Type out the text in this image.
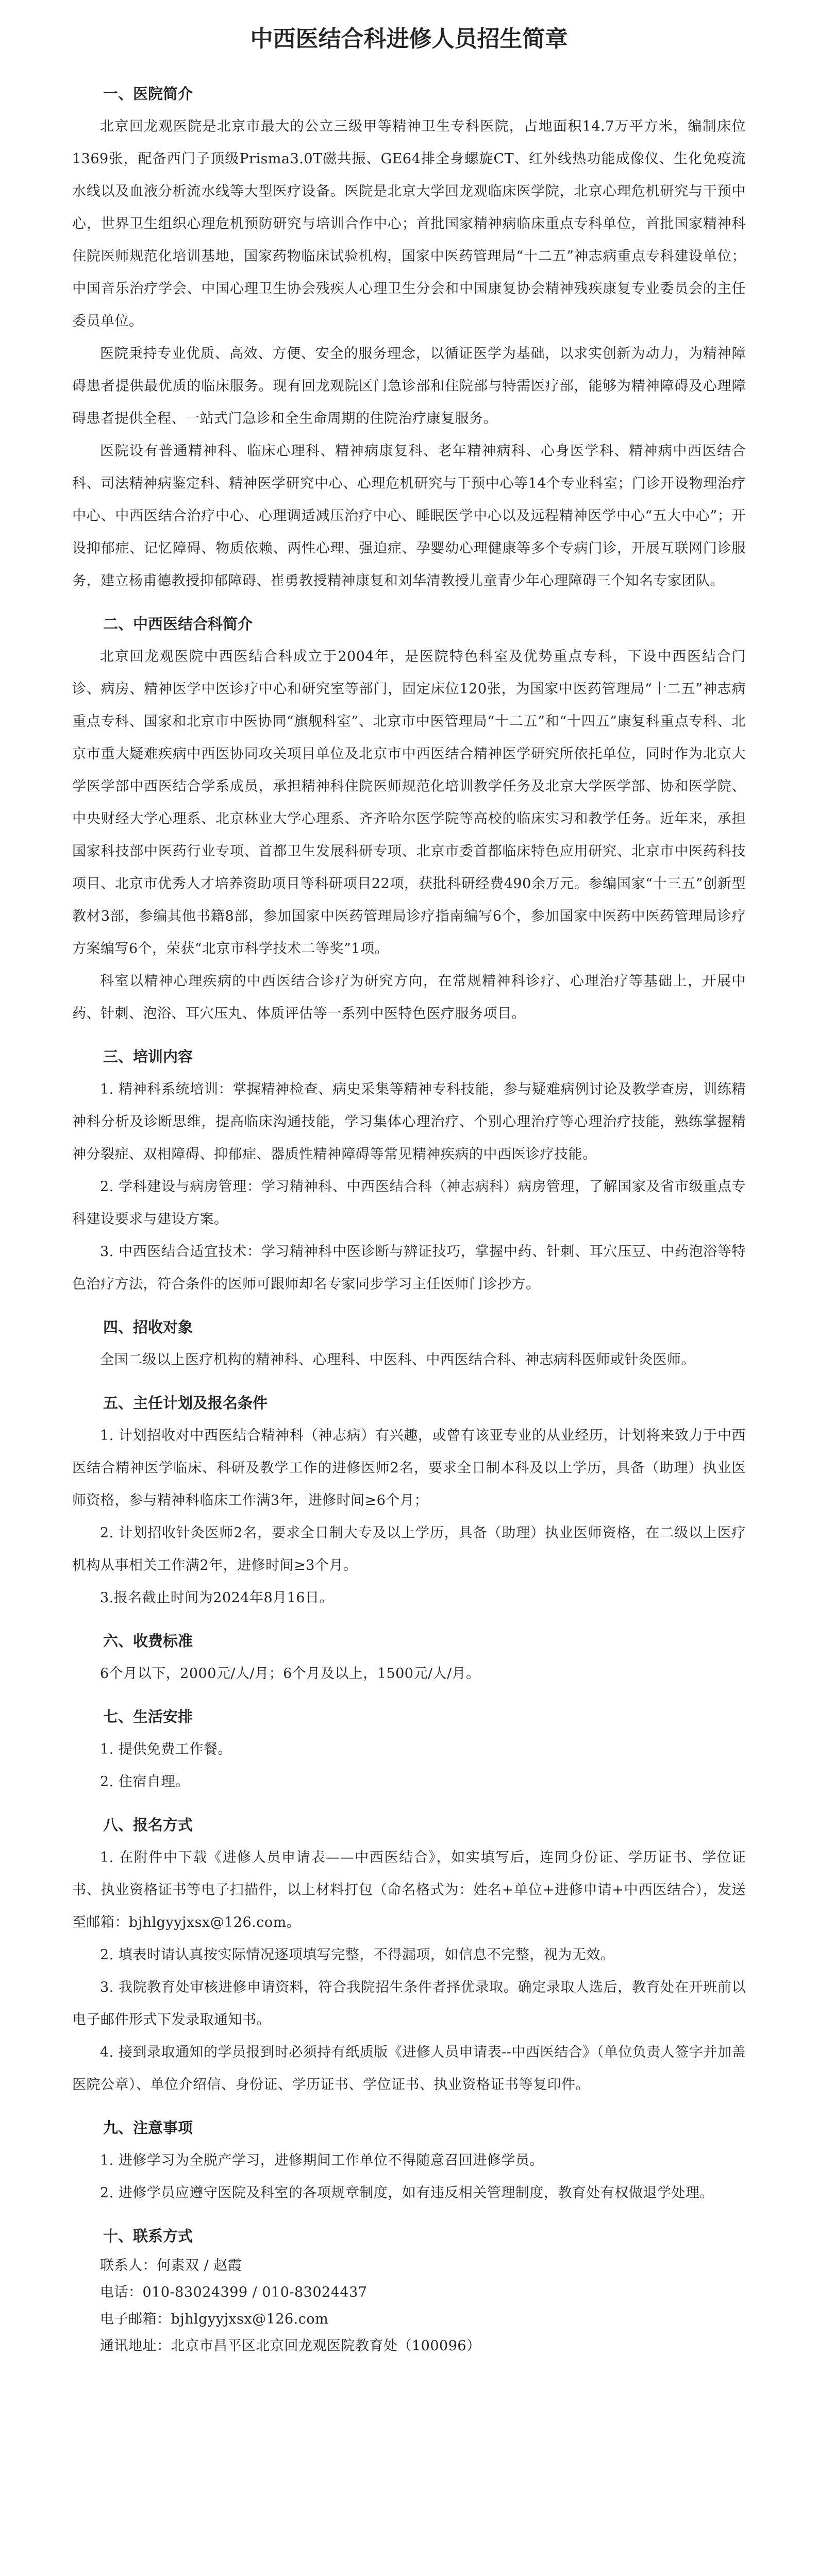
中西医结合科进修人员招生简章
一、医院简介

北京回龙观医院是北京市最大的公立三级甲等精神卫生专科医院，占地面积14.7万平方米，编制床位1369张，配备西门子顶级Prisma3.0T磁共振、GE64排全身螺旋CT、红外线热功能成像仪、生化免疫流水线以及血液分析流水线等大型医疗设备。医院是北京大学回龙观临床医学院，北京心理危机研究与干预中心，世界卫生组织心理危机预防研究与培训合作中心；首批国家精神病临床重点专科单位，首批国家精神科住院医师规范化培训基地，国家药物临床试验机构，国家中医药管理局“十二五”神志病重点专科建设单位；中国音乐治疗学会、中国心理卫生协会残疾人心理卫生分会和中国康复协会精神残疾康复专业委员会的主任委员单位。

医院秉持专业优质、高效、方便、安全的服务理念，以循证医学为基础，以求实创新为动力，为精神障碍患者提供最优质的临床服务。现有回龙观院区门急诊部和住院部与特需医疗部，能够为精神障碍及心理障碍患者提供全程、一站式门急诊和全生命周期的住院治疗康复服务。

医院设有普通精神科、临床心理科、精神病康复科、老年精神病科、心身医学科、精神病中西医结合科、司法精神病鉴定科、精神医学研究中心、心理危机研究与干预中心等14个专业科室；门诊开设物理治疗中心、中西医结合治疗中心、心理调适减压治疗中心、睡眠医学中心以及远程精神医学中心“五大中心”；开设抑郁症、记忆障碍、物质依赖、两性心理、强迫症、孕婴幼心理健康等多个专病门诊，开展互联网门诊服务，建立杨甫德教授抑郁障碍、崔勇教授精神康复和刘华清教授儿童青少年心理障碍三个知名专家团队。

二、中西医结合科简介

北京回龙观医院中西医结合科成立于2004年，是医院特色科室及优势重点专科，下设中西医结合门诊、病房、精神医学中医诊疗中心和研究室等部门，固定床位120张，为国家中医药管理局“十二五”神志病重点专科、国家和北京市中医协同“旗舰科室”、北京市中医管理局“十二五”和“十四五”康复科重点专科、北京市重大疑难疾病中西医协同攻关项目单位及北京市中西医结合精神医学研究所依托单位，同时作为北京大学医学部中西医结合学系成员，承担精神科住院医师规范化培训教学任务及北京大学医学部、协和医学院、中央财经大学心理系、北京林业大学心理系、齐齐哈尔医学院等高校的临床实习和教学任务。近年来，承担国家科技部中医药行业专项、首都卫生发展科研专项、北京市委首都临床特色应用研究、北京市中医药科技项目、北京市优秀人才培养资助项目等科研项目22项，获批科研经费490余万元。参编国家“十三五”创新型教材3部，参编其他书籍8部，参加国家中医药管理局诊疗指南编写6个，参加国家中医药中医药管理局诊疗方案编写6个，荣获“北京市科学技术二等奖”1项。

科室以精神心理疾病的中西医结合诊疗为研究方向，在常规精神科诊疗、心理治疗等基础上，开展中药、针刺、泡浴、耳穴压丸、体质评估等一系列中医特色医疗服务项目。

三、培训内容

1. 精神科系统培训：掌握精神检查、病史采集等精神专科技能，参与疑难病例讨论及教学查房，训练精神科分析及诊断思维，提高临床沟通技能，学习集体心理治疗、个别心理治疗等心理治疗技能，熟练掌握精神分裂症、双相障碍、抑郁症、器质性精神障碍等常见精神疾病的中西医诊疗技能。

2. 学科建设与病房管理：学习精神科、中西医结合科（神志病科）病房管理，了解国家及省市级重点专科建设要求与建设方案。

3. 中西医结合适宜技术：学习精神科中医诊断与辨证技巧，掌握中药、针刺、耳穴压豆、中药泡浴等特色治疗方法，符合条件的医师可跟师却名专家同步学习主任医师门诊抄方。

四、招收对象

全国二级以上医疗机构的精神科、心理科、中医科、中西医结合科、神志病科医师或针灸医师。

五、主任计划及报名条件

1. 计划招收对中西医结合精神科（神志病）有兴趣，或曾有该亚专业的从业经历，计划将来致力于中西医结合精神医学临床、科研及教学工作的进修医师2名，要求全日制本科及以上学历，具备（助理）执业医师资格，参与精神科临床工作满3年，进修时间≥6个月；

2. 计划招收针灸医师2名，要求全日制大专及以上学历，具备（助理）执业医师资格，在二级以上医疗机构从事相关工作满2年，进修时间≥3个月。

3.报名截止时间为2024年8月16日。

六、收费标准

6个月以下，2000元/人/月；6个月及以上，1500元/人/月。

七、生活安排

1. 提供免费工作餐。

2. 住宿自理。

八、报名方式

1. 在附件中下载《进修人员申请表——中西医结合》，如实填写后，连同身份证、学历证书、学位证书、执业资格证书等电子扫描件，以上材料打包（命名格式为：姓名+单位+进修申请+中西医结合），发送至邮箱：bjhlgyyjxsx@126.com。

2. 填表时请认真按实际情况逐项填写完整，不得漏项，如信息不完整，视为无效。

3. 我院教育处审核进修申请资料，符合我院招生条件者择优录取。确定录取人选后，教育处在开班前以电子邮件形式下发录取通知书。

4. 接到录取通知的学员报到时必须持有纸质版《进修人员申请表--中西医结合》（单位负责人签字并加盖医院公章）、单位介绍信、身份证、学历证书、学位证书、执业资格证书等复印件。

九、注意事项

1. 进修学习为全脱产学习，进修期间工作单位不得随意召回进修学员。

2. 进修学员应遵守医院及科室的各项规章制度，如有违反相关管理制度，教育处有权做退学处理。

十、联系方式

联系人：何素双 / 赵霞

电话：010-83024399 / 010-83024437

电子邮箱：bjhlgyyjxsx@126.com

通讯地址：北京市昌平区北京回龙观医院教育处（100096）
